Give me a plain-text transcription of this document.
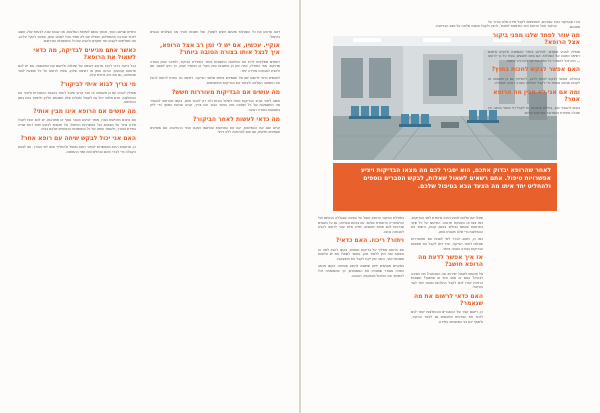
הימיים שגייסגו נועץ, ואותך אותם לשיחות המלאות, מה שהוא עונה לבעיות שלו. חשוב לזכור שהרבה מהמחלות, ואפילו אם לא תמיד נוכל למנוע אותן, אפשר להקל עליהן. אנו ממליצים לקבוע תור מוקדם ולהגיע עם כל המסמכים הנדרשים.

כאשר אתם מגיעים לבדיקה, מה כדאי לשאול את הרופא?

בכל ביקור כדאי להכין מראש רשימה של שאלות ולרשום את התשובות. אם יש לכם תרופות קבועות, הביאו אותן או רשימה שלהן. ספרו לרופא על כל תופעת לוואי שהופיעה, גם אם היא נראית קלה.

מי צריך לבוא איתי לביקור?

מומלץ להגיע עם בן משפחה או חבר קרוב שיוכל לעזור בהבנת ההסברים ולזכור את ההמלצות. אדם מלווה יכול גם לשאול שאלות שלא חשבתם עליהן ולתמוך בכם בזמן ההמתנה.

מה עושים אם הרופא אינו מבין אותי?

אם אינכם מרגישים בנוח, מותר לבקש הסבר נוסף או מתורגמן. יש לכם זכות לקבל מידע ברור על מצבכם ועל אפשרויות הטיפול. אל תהססו לבקש חוות דעת שנייה במידת הצורך, ולשמור עותק של כל המסמכים הרפואיים שלכם בבית.

האם אני יכול לבקש שיחה עם רופא אחר?

כן. מרפאות רבות מאפשרות לבחור רופא מטפל ולהחליף אותו לפי הצורך. פנו לצוות הקבלה כדי לברר מהם הנהלים ומה זמני ההמתנה.

דאגו מראש את כל השאלות שאתם רוצים לשאול, ואל תשכחו לברר מה השלבים הבאים בטיפול.

אוקיי. עכשיו, אם יש לי זמן רב אצל הרופא, איך לנצל אותו בצורה הטובה ביותר?

רופאים ממליצים לרכז את התלונות החשובות ביותר בתחילת הביקור, ולתאר אותן בצורה מדויקת: מתי התחילו, כמה זמן הן נמשכות ומה מקל או מחמיר אותן. כך ניתן לחסוך זמן ולהגיע לאבחנה מהירה יותר.

לפעמים כדאי לרשום יומן של תסמינים בימים שלפני הביקור. רשימה כזו עוזרת לרופא להבין את התמונה המלאה ולבחור את הבדיקות המתאימות.

מה עושים אם הבדיקות מעוררות חשש?

חשוב לזכור שרוב הבדיקות נועדו לשלול בעיות ולא רק לאתר אותן. בקשו מהרופא להסביר מה המשמעות של כל תוצאה ומה הצעד הבא. אם צריך, קבעו פגישת המשך כדי לדון בתוצאות בצורה רגועה.

מה כדאי לעשות לאחר הביקור?

קראו שוב את ההמלצות, קנו את התרופות שנרשמו ועקבו אחר ההוראות. אם מופיעים תסמינים חדשים, פנו שוב למרפאה ללא דיחוי.

הביקור אצל הרופא הוא הזדמנות לשאול, להבין ולקבל תמונה מלאה על מצב הבריאות.
לאחר שהרופא יבדוק אתכם, הוא יסביר לכם מה מצאו הבדיקות ויציע אפשרויות טיפול. אתם רשאים לשאול שאלות, לבקש הסברים נוספים ולהחליט יחד איתו מה הצעד הבא בטיפול שלכם.

זכרו שהביקור נועד עבורכם, ושזכותכם לקבל מידע מלא וברור על מצבכם.

מה עוזר לפחד שלנו מפני ביקור אצל הרופא?

מומלץ להגיע מוקדם, להירגע בחדר ההמתנה ולהביא איתכם רשימה כתובה של השאלות. אם אתם חוששים, ספרו על כך לרופא — הוא יוכל להסביר כל שלב בבדיקה ולהרגיע אתכם.

האם אפשר לבקש לחכות בחוץ?

בהחלט. אפשר לבקש לצאת לרגע, להתייעץ עם בן משפחה או לקבוע פגישה נוספת כדי לקבל החלטה בצורה רגועה ושקולה.

ומה אם אני לא מבין מה הרופא אמר?

בקשו להסביר שוב, במילים פשוטות, או לקבל דף הסבר בכתב. אין שאלה מיותרת כשמדובר בבריאות שלכם.

שאלו אם עליכם לבצע הכנה מיוחדת לפני הבדיקות, כמו צום או הפסקת תרופה. התייעצו על כל שינוי בתרופות שאתם נוטלים באופן קבוע, ורשמו את ההמלצות כדי שלא תשכחו אותן.

כמו כן, חשוב לברר למי לפנות אם מתעוררות שאלות לאחר הביקור, ואיך ניתן לקבל את תוצאות הבדיקות בצורה הנוחה ביותר.

אז איך אפשר לדעת מה הרופא חושב?

אל תהססו לשאול ישירות: מה האבחנה? מה הסיבה לבעיה? האם זה מצב זמני או ממושך? תשובות ברורות יעזרו לכם לקבל החלטות טובות יותר לגבי הטיפול.

האם כדאי לרשום את מה שנאמר?

כן, רישום קצר של ההסברים וההמלצות יעזור לכם לזכור את הפרטים החשובים גם לאחר הביקור, ולשתף את בני המשפחה במידע.

בתחילת הביקור הרופא ישאל על הסיבה שבגללה הגעתם ועל ההיסטוריה הרפואית שלכם. ענו בכנות ובפירוט, גם על נושאים שנראים לכם פחות חשובים. מידע מלא עוזר לרופא להגיע לאבחנה נכונה.

ויתור? ריכוז. האם כדאי?

אם הרופא ממליץ על בדיקות נוספות, בקשו להבין למה הן נחוצות ומה ניתן ללמוד מהן. אפשר לשאול אם יש חלופות פשוטות יותר, וכמה זמן ייקח לקבל את התוצאות.

במקרים מסוימים ייתכן שתופנו לרופא מומחה. בקשו מכתב הפניה מסודר שמפרט את הממצאים, כך שהמומחה יוכל להמשיך את הטיפול מהנקודה הנכונה.
